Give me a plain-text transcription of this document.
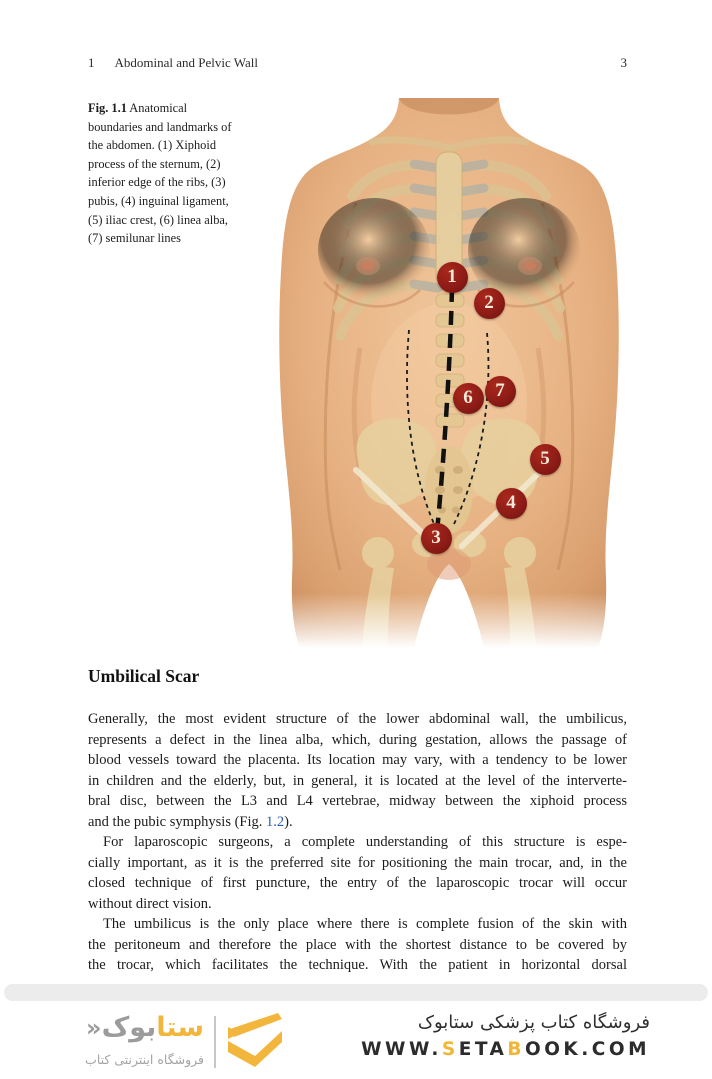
1 Abdominal and Pelvic Wall	3
Fig. 1.1 Anatomical boundaries and landmarks of the abdomen. (1) Xiphoid process of the sternum, (2) inferior edge of the ribs, (3) pubis, (4) inguinal ligament, (5) iliac crest, (6) linea alba, (7) semilunar lines
1
2
3
4
5
6	7
Umbilical Scar
Generally, the most evident structure of the lower abdominal wall, the umbilicus,
represents a defect in the linea alba, which, during gestation, allows the passage of
blood vessels toward the placenta. Its location may vary, with a tendency to be lower
in children and the elderly, but, in general, it is located at the level of the interverte-
bral disc, between the L3 and L4 vertebrae, midway between the xiphoid process
and the pubic symphysis (Fig. 1.2).
For laparoscopic surgeons, a complete understanding of this structure is espe-
cially important, as it is the preferred site for positioning the main trocar, and, in the
closed technique of first puncture, the entry of the laparoscopic trocar will occur
without direct vision.
The umbilicus is the only place where there is complete fusion of the skin with
the peritoneum and therefore the place with the shortest distance to be covered by
the trocar, which facilitates the technique. With the patient in horizontal dorsal
ستابوک«
فروشگاه اینترنتی کتاب
فروشگاه کتاب پزشکی ستابوک
WWW.SETABOOK.COM
